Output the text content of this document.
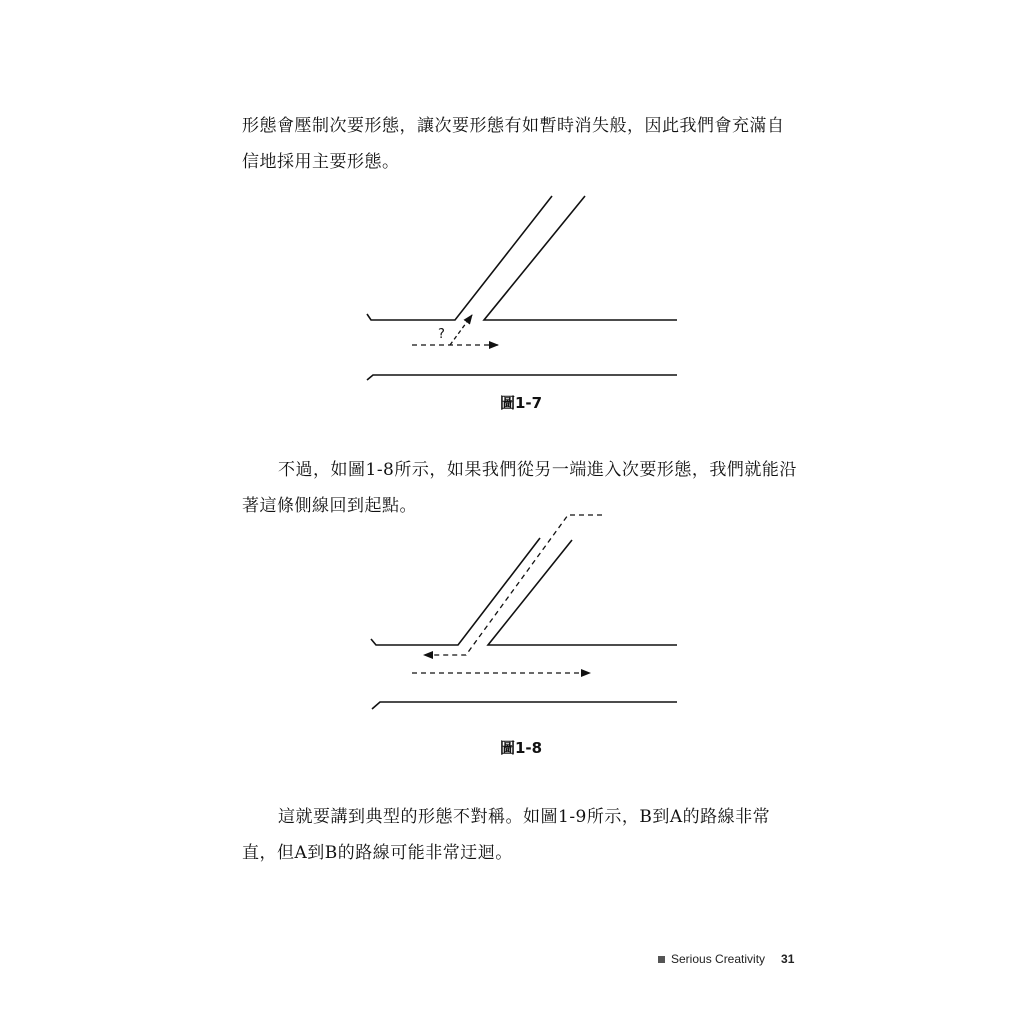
形態會壓制次要形態，讓次要形態有如暫時消失般，因此我們會充滿自
信地採用主要形態。

?
圖1-7

不過，如圖1-8所示，如果我們從另一端進入次要形態，我們就能沿
著這條側線回到起點。

圖1-8

這就要講到典型的形態不對稱。如圖1-9所示，B到A的路線非常
直，但A到B的路線可能非常迂迴。

Serious Creativity 31
